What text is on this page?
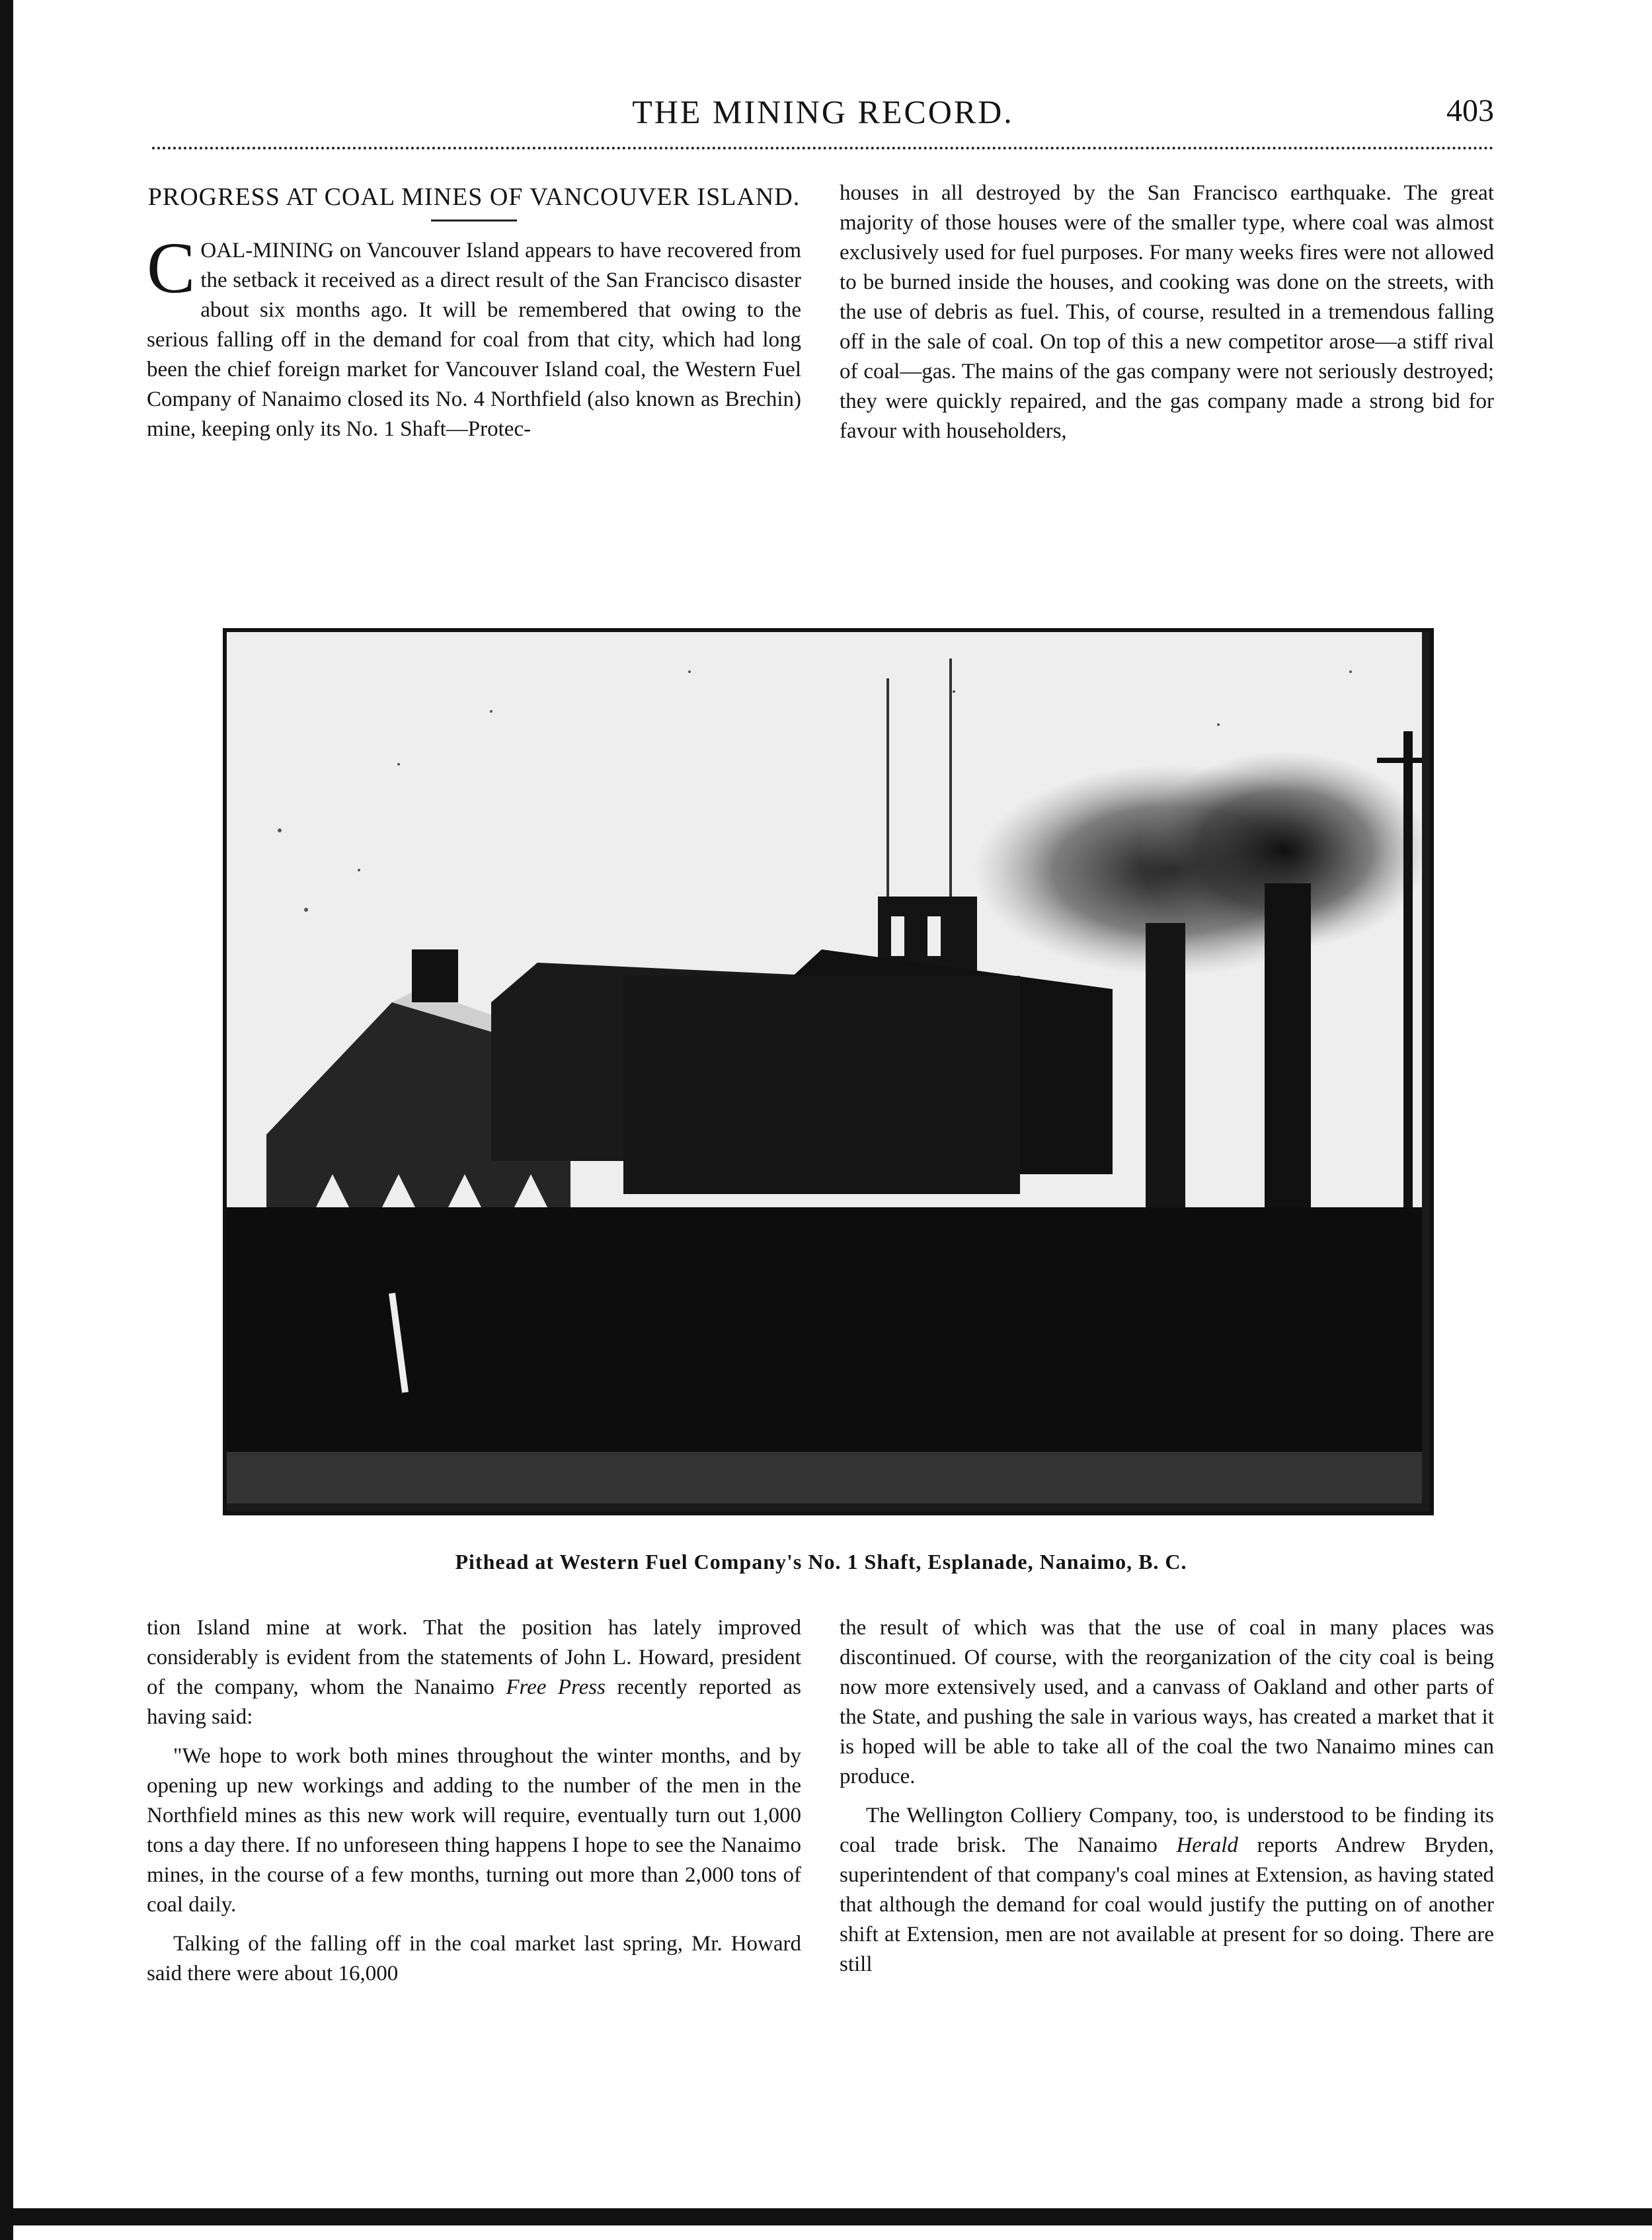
THE MINING RECORD.	403
PROGRESS AT COAL MINES OF VANCOUVER ISLAND.

COAL-MINING on Vancouver Island appears to have recovered from the setback it received as a direct result of the San Francisco disaster about six months ago. It will be remembered that owing to the serious falling off in the demand for coal from that city, which had long been the chief foreign market for Vancouver Island coal, the Western Fuel Company of Nanaimo closed its No. 4 Northfield (also known as Brechin) mine, keeping only its No. 1 Shaft—Protec-

houses in all destroyed by the San Francisco earthquake. The great majority of those houses were of the smaller type, where coal was almost exclusively used for fuel purposes. For many weeks fires were not allowed to be burned inside the houses, and cooking was done on the streets, with the use of debris as fuel. This, of course, resulted in a tremendous falling off in the sale of coal. On top of this a new competitor arose—a stiff rival of coal—gas. The mains of the gas company were not seriously destroyed; they were quickly repaired, and the gas company made a strong bid for favour with householders,

Pithead at Western Fuel Company's No. 1 Shaft, Esplanade, Nanaimo, B. C.

tion Island mine at work. That the position has lately improved considerably is evident from the statements of John L. Howard, president of the company, whom the Nanaimo Free Press recently reported as having said:

"We hope to work both mines throughout the winter months, and by opening up new workings and adding to the number of the men in the Northfield mines as this new work will require, eventually turn out 1,000 tons a day there. If no unforeseen thing happens I hope to see the Nanaimo mines, in the course of a few months, turning out more than 2,000 tons of coal daily.

Talking of the falling off in the coal market last spring, Mr. Howard said there were about 16,000

the result of which was that the use of coal in many places was discontinued. Of course, with the reorganization of the city coal is being now more extensively used, and a canvass of Oakland and other parts of the State, and pushing the sale in various ways, has created a market that it is hoped will be able to take all of the coal the two Nanaimo mines can produce.

The Wellington Colliery Company, too, is understood to be finding its coal trade brisk. The Nanaimo Herald reports Andrew Bryden, superintendent of that company's coal mines at Extension, as having stated that although the demand for coal would justify the putting on of another shift at Extension, men are not available at present for so doing. There are still
